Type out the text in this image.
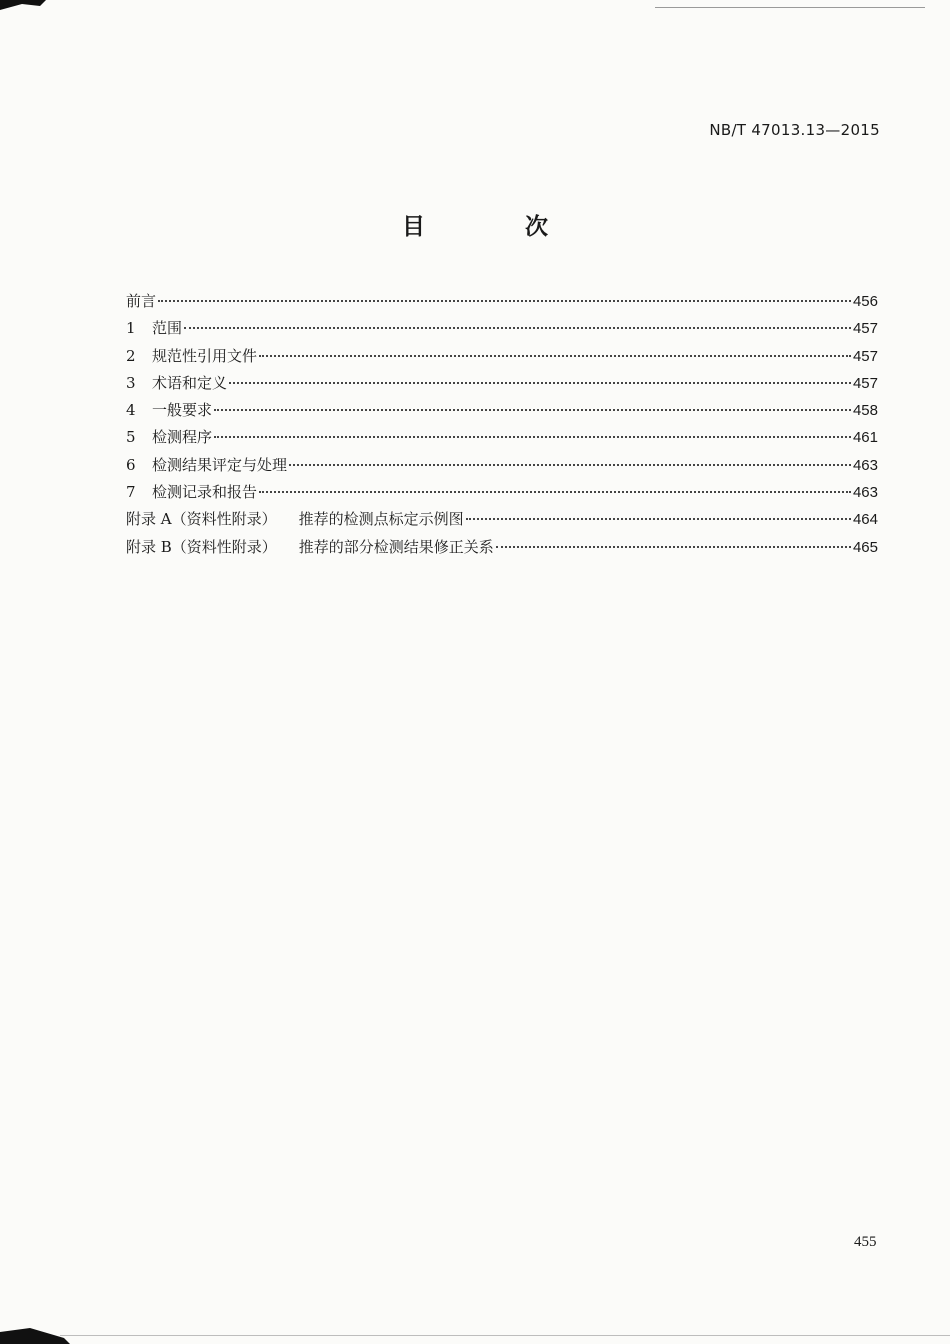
NB/T 47013.13—2015
目 次
前言	456
1	范围	457
2	规范性引用文件	457
3	术语和定义	457
4	一般要求	458
5	检测程序	461
6	检测结果评定与处理	463
7	检测记录和报告	463
附录 A（资料性附录） 推荐的检测点标定示例图	464
附录 B（资料性附录） 推荐的部分检测结果修正关系	465
455
